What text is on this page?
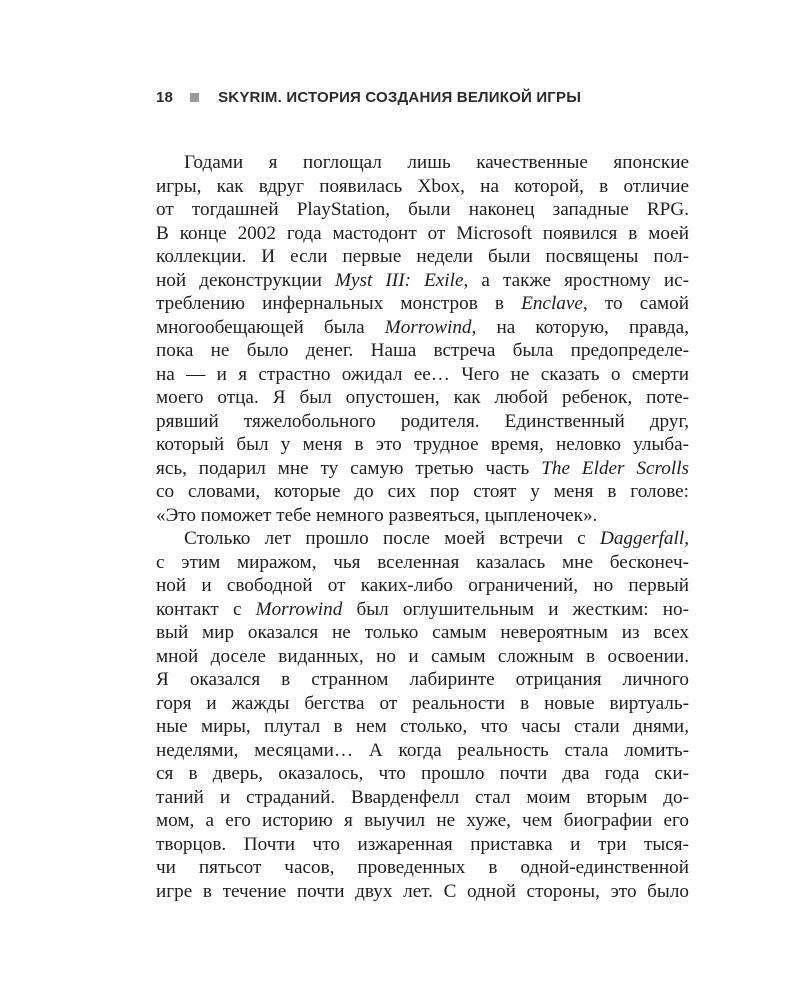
18	SKYRIM. ИСТОРИЯ СОЗДАНИЯ ВЕЛИКОЙ ИГРЫ

Годами я поглощал лишь качественные японские
игры, как вдруг появилась Xbox, на которой, в отличие
от тогдашней PlayStation, были наконец западные RPG.
В конце 2002 года мастодонт от Microsoft появился в моей
коллекции. И если первые недели были посвящены пол-
ной деконструкции Myst III: Exile, а также яростному ис-
треблению инфернальных монстров в Enclave, то самой
многообещающей была Morrowind, на которую, правда,
пока не было денег. Наша встреча была предопределе-
на — и я страстно ожидал ее… Чего не сказать о смерти
моего отца. Я был опустошен, как любой ребенок, поте-
рявший тяжелобольного родителя. Единственный друг,
который был у меня в это трудное время, неловко улыба-
ясь, подарил мне ту самую третью часть The Elder Scrolls
со словами, которые до сих пор стоят у меня в голове:
«Это поможет тебе немного развеяться, цыпленочек».

Столько лет прошло после моей встречи с Daggerfall,
с этим миражом, чья вселенная казалась мне бесконеч-
ной и свободной от каких-либо ограничений, но первый
контакт с Morrowind был оглушительным и жестким: но-
вый мир оказался не только самым невероятным из всех
мной доселе виданных, но и самым сложным в освоении.
Я оказался в странном лабиринте отрицания личного
горя и жажды бегства от реальности в новые виртуаль-
ные миры, плутал в нем столько, что часы стали днями,
неделями, месяцами… А когда реальность стала ломить-
ся в дверь, оказалось, что прошло почти два года ски-
таний и страданий. Вварденфелл стал моим вторым до-
мом, а его историю я выучил не хуже, чем биографии его
творцов. Почти что изжаренная приставка и три тыся-
чи пятьсот часов, проведенных в одной-единственной
игре в течение почти двух лет. С одной стороны, это было
